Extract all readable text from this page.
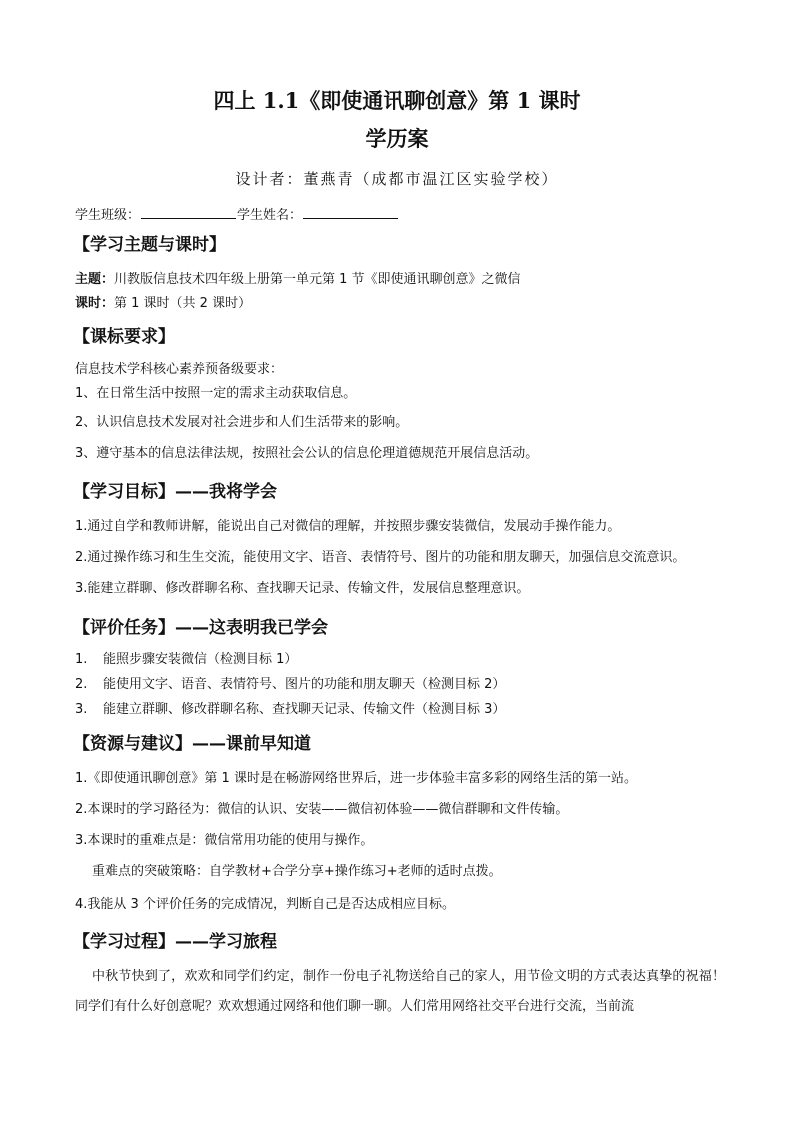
四上 1.1《即使通讯聊创意》第 1 课时
学历案
设计者：董燕青（成都市温江区实验学校）
学生班级：	学生姓名：
【学习主题与课时】
主题：川教版信息技术四年级上册第一单元第 1 节《即使通讯聊创意》之微信
课时：第 1 课时（共 2 课时）
【课标要求】
信息技术学科核心素养预备级要求：
1、在日常生活中按照一定的需求主动获取信息。
2、认识信息技术发展对社会进步和人们生活带来的影响。
3、遵守基本的信息法律法规，按照社会公认的信息伦理道德规范开展信息活动。
【学习目标】——我将学会
1.通过自学和教师讲解，能说出自己对微信的理解，并按照步骤安装微信，发展动手操作能力。
2.通过操作练习和生生交流，能使用文字、语音、表情符号、图片的功能和朋友聊天，加强信息交流意识。
3.能建立群聊、修改群聊名称、查找聊天记录、传输文件，发展信息整理意识。
【评价任务】——这表明我已学会
1. 能照步骤安装微信（检测目标 1）
2. 能使用文字、语音、表情符号、图片的功能和朋友聊天（检测目标 2）
3. 能建立群聊、修改群聊名称、查找聊天记录、传输文件（检测目标 3）
【资源与建议】——课前早知道
1.《即使通讯聊创意》第 1 课时是在畅游网络世界后，进一步体验丰富多彩的网络生活的第一站。
2.本课时的学习路径为：微信的认识、安装——微信初体验——微信群聊和文件传输。
3.本课时的重难点是：微信常用功能的使用与操作。
重难点的突破策略：自学教材+合学分享+操作练习+老师的适时点拨。
4.我能从 3 个评价任务的完成情况，判断自己是否达成相应目标。
【学习过程】——学习旅程
中秋节快到了，欢欢和同学们约定，制作一份电子礼物送给自己的家人，用节俭文明的方式表达真挚的祝福！同学们有什么好创意呢？欢欢想通过网络和他们聊一聊。人们常用网络社交平台进行交流，当前流
